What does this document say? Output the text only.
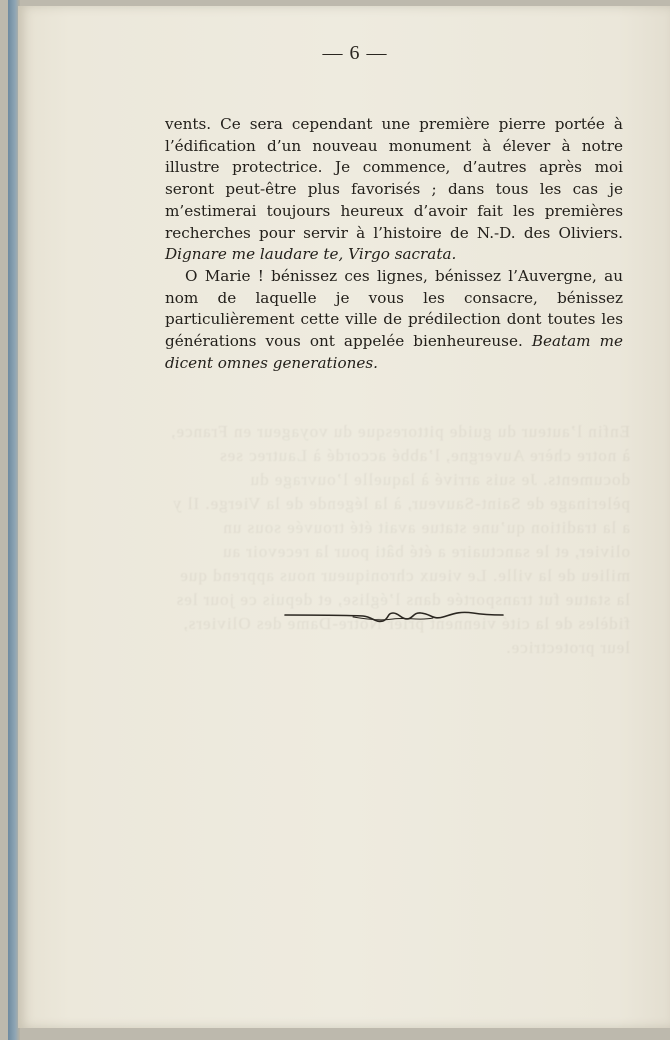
Enfin l’auteur du guide pittoresque du voyageur en France, à notre chère Auvergne, l’abbé accordé à Lautrec ses documents. Je suis arrivé à laquelle l’ouvrage du pèlerinage de Saint-Sauveur, à la légende de la Vierge. Il y a la tradition qu’une statue avait été trouvée sous un olivier, et le sanctuaire a été bâti pour la recevoir au milieu de la ville. Le vieux chroniqueur nous apprend que la statue fut transportée dans l’église, et depuis ce jour les fidèles de la cité viennent prier Notre-Dame des Oliviers, leur protectrice.
— 6 —

vents. Ce sera cependant une première pierre portée à l’édification d’un nouveau monument à élever à notre illustre protectrice. Je commence, d’autres après moi seront peut-être plus favorisés ; dans tous les cas je m’estimerai toujours heureux d’avoir fait les premières recherches pour servir à l’histoire de N.-D. des Oliviers. Dignare me laudare te, Virgo sacrata.

O Marie ! bénissez ces lignes, bénissez l’Auvergne, au nom de laquelle je vous les consacre, bénissez particulièrement cette ville de prédilection dont toutes les générations vous ont appelée bienheureuse. Beatam me dicent omnes generationes.
